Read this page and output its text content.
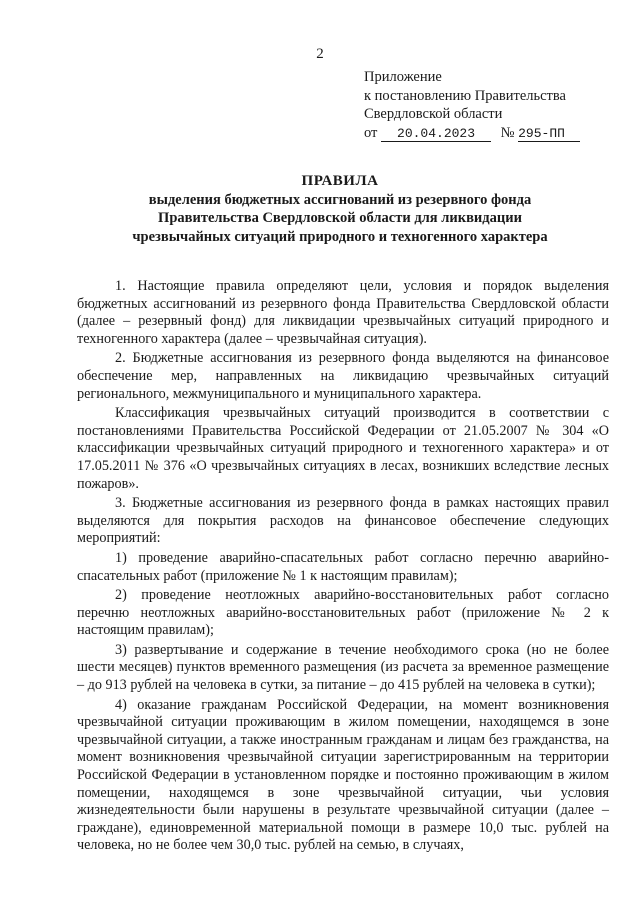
2
Приложение
к постановлению Правительства
Свердловской области
от 20.04.2023 № 295-ПП
ПРАВИЛА
выделения бюджетных ассигнований из резервного фонда
Правительства Свердловской области для ликвидации
чрезвычайных ситуаций природного и техногенного характера

1. Настоящие правила определяют цели, условия и порядок выделения бюджетных ассигнований из резервного фонда Правительства Свердловской области (далее – резервный фонд) для ликвидации чрезвычайных ситуаций природного и техногенного характера (далее – чрезвычайная ситуация).

2. Бюджетные ассигнования из резервного фонда выделяются на финансовое обеспечение мер, направленных на ликвидацию чрезвычайных ситуаций регионального, межмуниципального и муниципального характера.

Классификация чрезвычайных ситуаций производится в соответствии с постановлениями Правительства Российской Федерации от 21.05.2007 № 304 «О классификации чрезвычайных ситуаций природного и техногенного характера» и от 17.05.2011 № 376 «О чрезвычайных ситуациях в лесах, возникших вследствие лесных пожаров».

3. Бюджетные ассигнования из резервного фонда в рамках настоящих правил выделяются для покрытия расходов на финансовое обеспечение следующих мероприятий:

1) проведение аварийно-спасательных работ согласно перечню аварийно-спасательных работ (приложение № 1 к настоящим правилам);

2) проведение неотложных аварийно-восстановительных работ согласно перечню неотложных аварийно-восстановительных работ (приложение № 2 к настоящим правилам);

3) развертывание и содержание в течение необходимого срока (но не более шести месяцев) пунктов временного размещения (из расчета за временное размещение – до 913 рублей на человека в сутки, за питание – до 415 рублей на человека в сутки);

4) оказание гражданам Российской Федерации, на момент возникновения чрезвычайной ситуации проживающим в жилом помещении, находящемся в зоне чрезвычайной ситуации, а также иностранным гражданам и лицам без гражданства, на момент возникновения чрезвычайной ситуации зарегистрированным на территории Российской Федерации в установленном порядке и постоянно проживающим в жилом помещении, находящемся в зоне чрезвычайной ситуации, чьи условия жизнедеятельности были нарушены в результате чрезвычайной ситуации (далее – граждане), единовременной материальной помощи в размере 10,0 тыс. рублей на человека, но не более чем 30,0 тыс. рублей на семью, в случаях,
